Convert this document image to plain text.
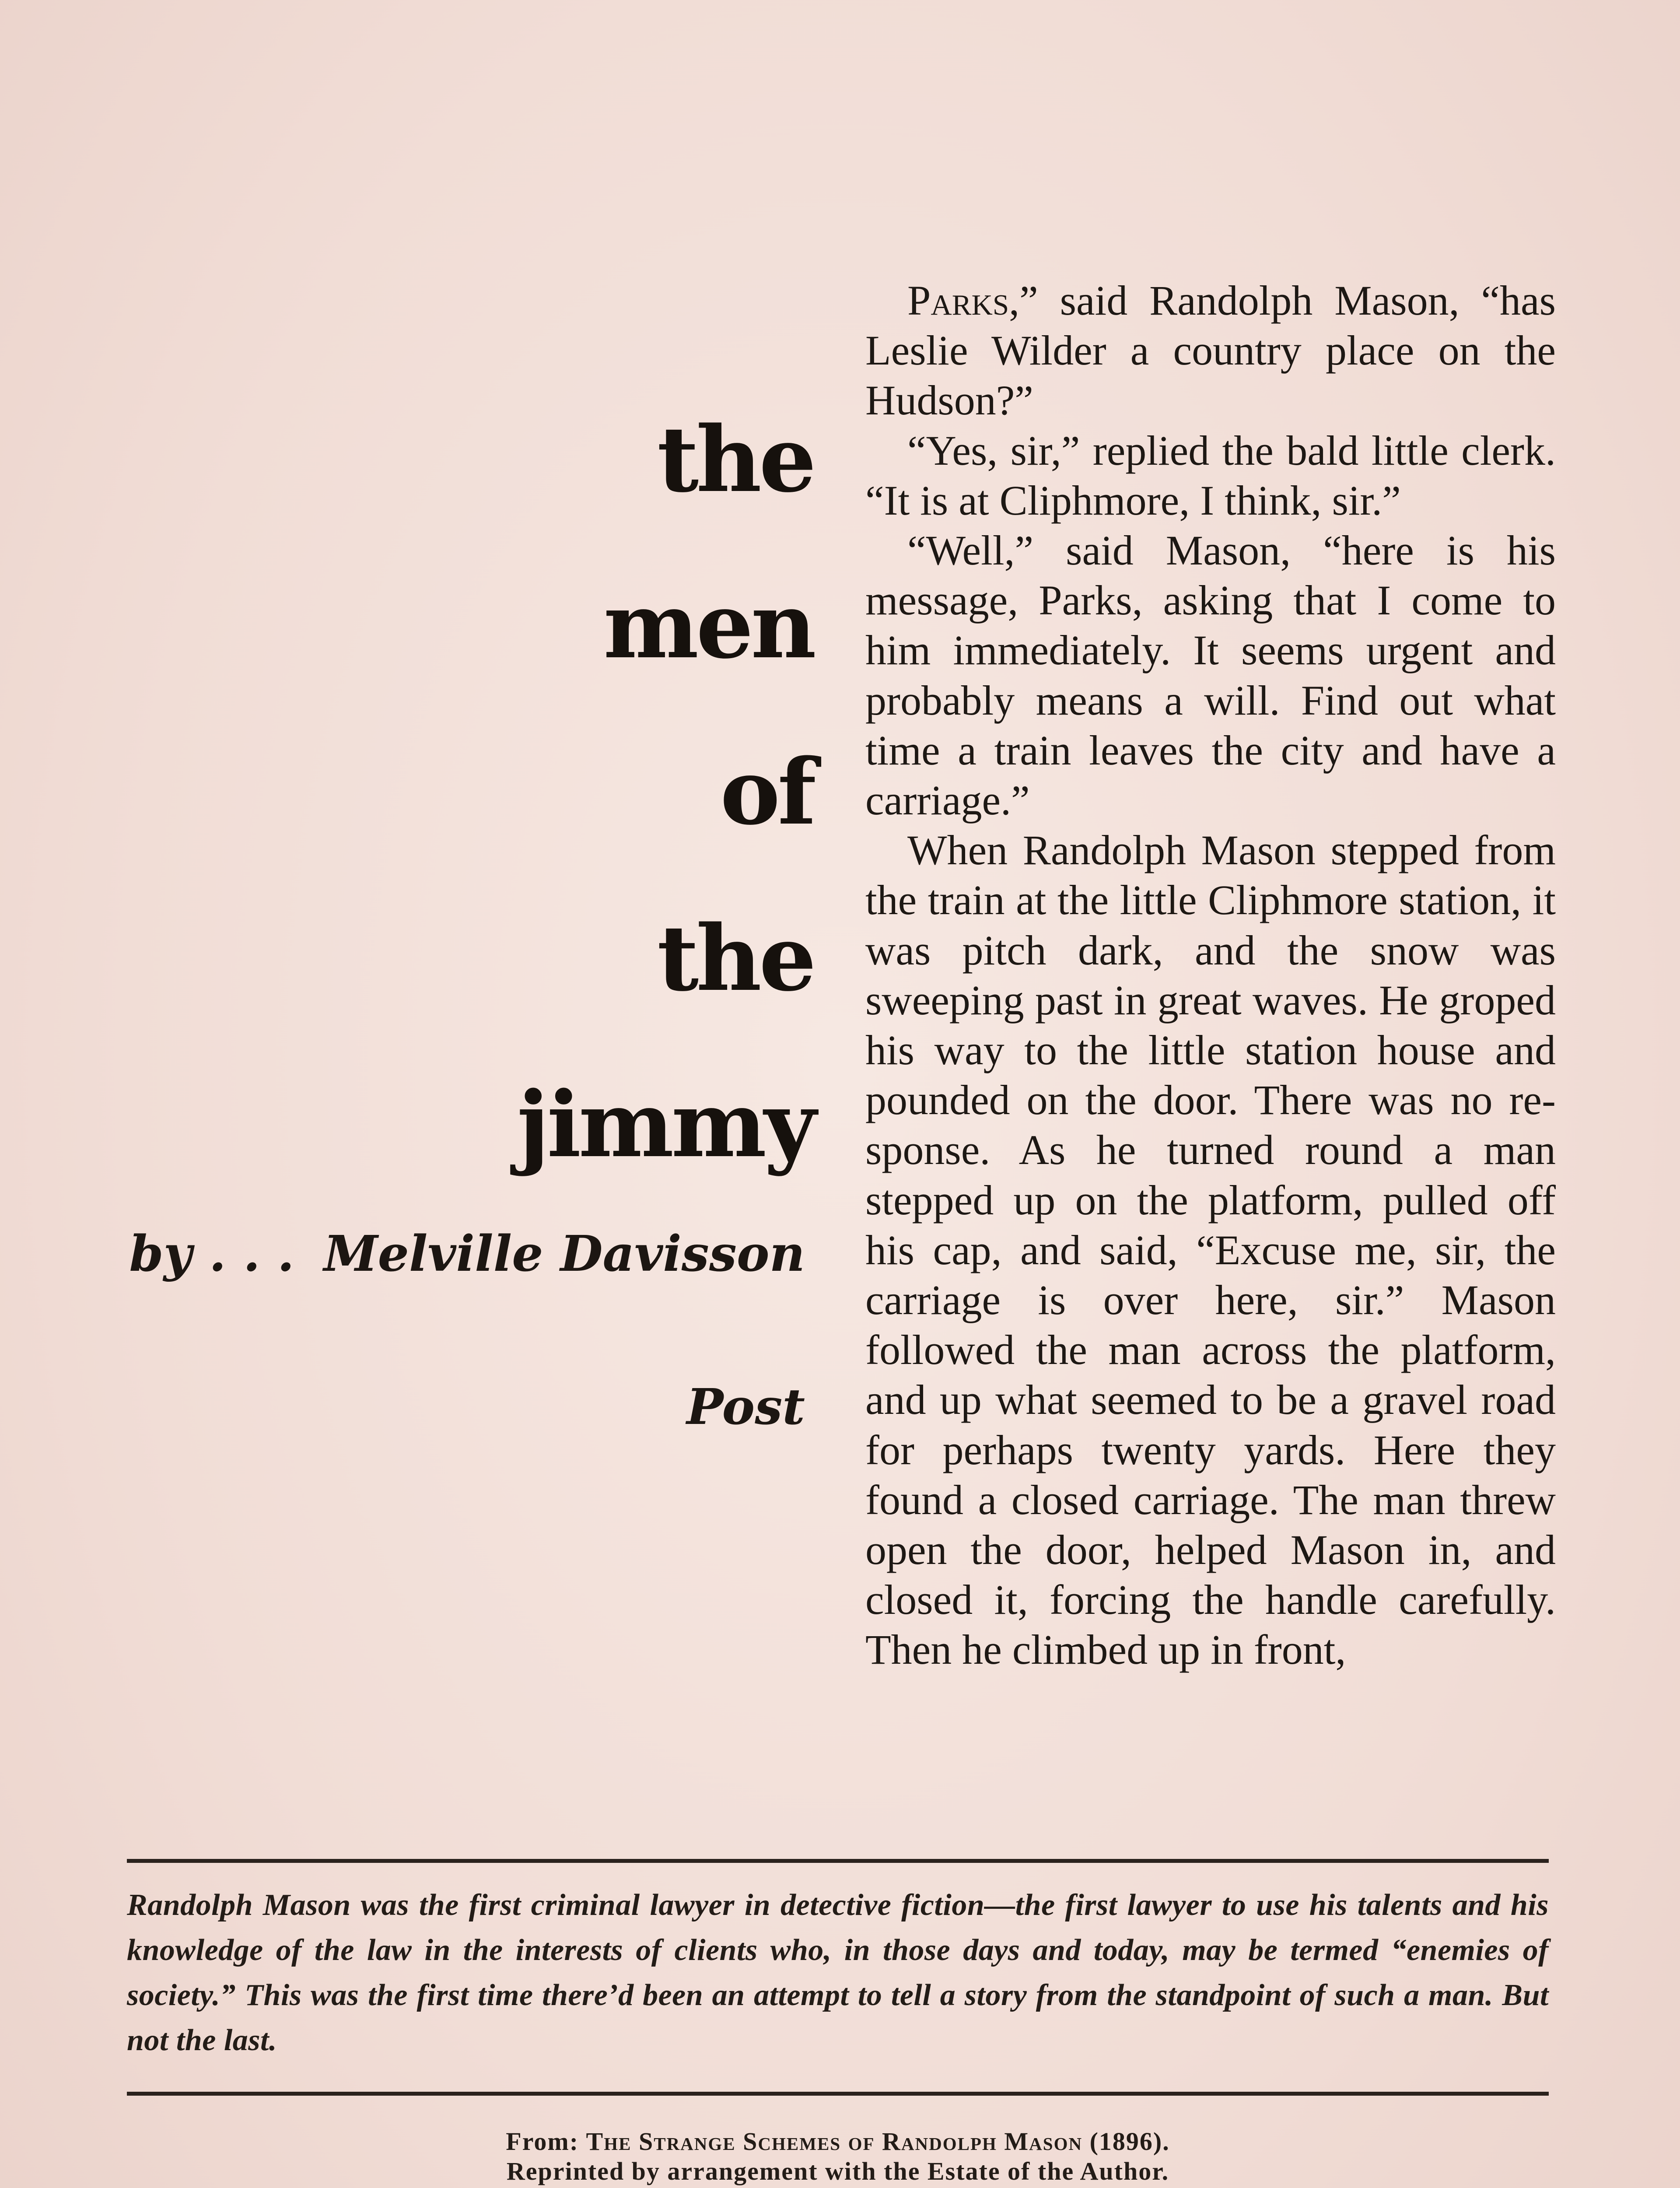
the
men
of
the
jimmy
by . . . Melville Davisson
Post

Parks,” said Randolph Mason, “has Leslie Wilder a country place on the Hudson?”

“Yes, sir,” replied the bald little clerk. “It is at Cliphmore, I think, sir.”

“Well,” said Mason, “here is his message, Parks, asking that I come to him immediately. It seems urgent and probably means a will. Find out what time a train leaves the city and have a carriage.”

When Randolph Mason stepped from the train at the little Cliphmore station, it was pitch dark, and the snow was sweeping past in great waves. He groped his way to the little station house and pounded on the door. There was no response. As he turned round a man stepped up on the platform, pulled off his cap, and said, “Excuse me, sir, the carriage is over here, sir.” Mason followed the man across the platform, and up what seemed to be a gravel road for perhaps twenty yards. Here they found a closed carriage. The man threw open the door, helped Mason in, and closed it, forcing the handle carefully. Then he climbed up in front,

Randolph Mason was the first criminal lawyer in detective fiction—the first lawyer to use his talents and his knowledge of the law in the interests of clients who, in those days and today, may be termed “enemies of society.” This was the first time there’d been an attempt to tell a story from the standpoint of such a man. But not the last.
From: The Strange Schemes of Randolph Mason (1896).
Reprinted by arrangement with the Estate of the Author.
